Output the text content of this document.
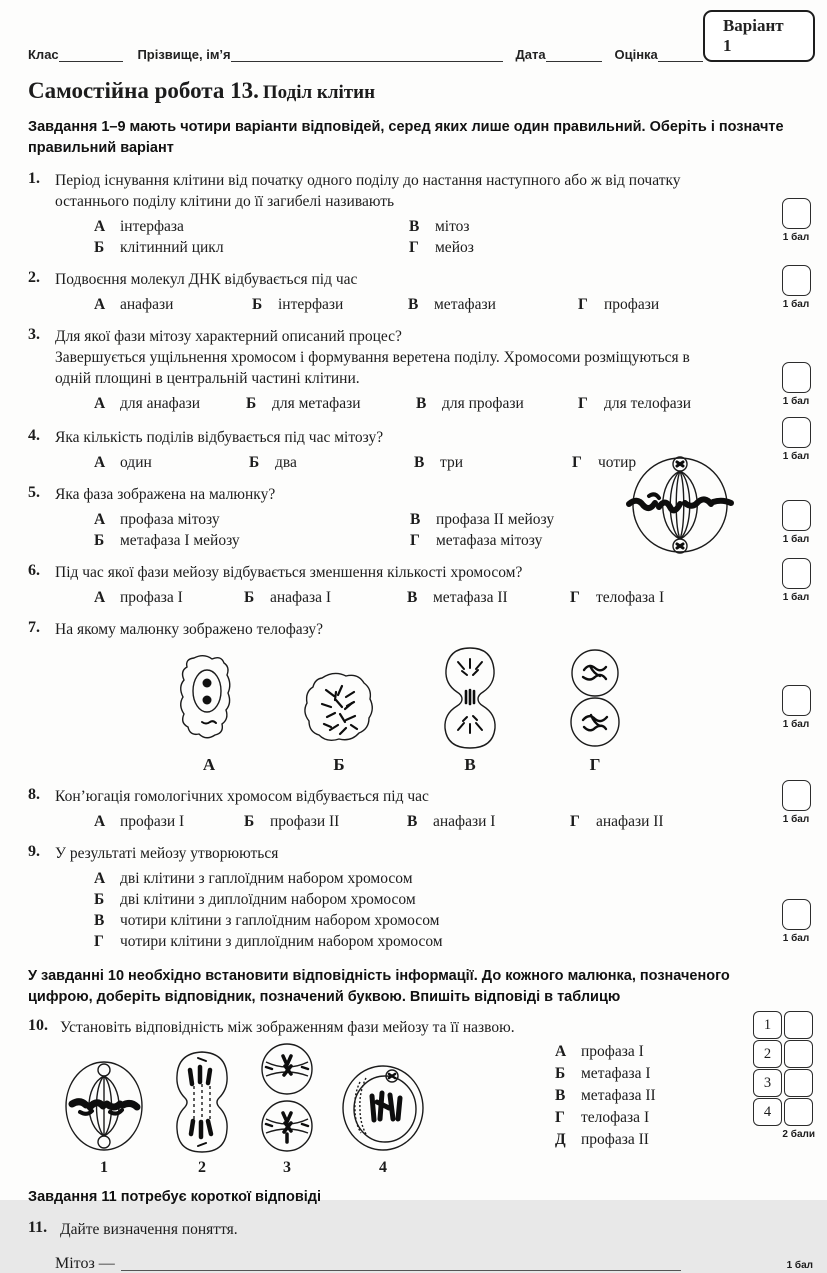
Клас	Прізвище, ім’я	Дата	Оцінка
Варіант 1
Самостійна робота 13. Поділ клітин
Завдання 1–9 мають чотири варіанти відповідей, серед яких лише один правильний. Оберіть і позначте правильний варіант
1. Період існування клітини від початку одного поділу до настання наступного або ж від початку останнього поділу клітини до її загибелі називають
А інтерфаза
Б клітинний цикл
В мітоз
Г мейоз
1 бал
2. Подвоєння молекул ДНК відбувається під час
А анафази	Б інтерфази	В метафази	Г профази	1 бал
3. Для якої фази мітозу характерний описаний процес?
Завершується ущільнення хромосом і формування веретена поділу. Хромосоми розміщуються в одній площині в центральній частині клітини.
А для анафази	Б для метафази	В для профази	Г для телофази	1 бал
4. Яка кількість поділів відбувається під час мітозу?
А один	Б два	В три	Г чотир	1 бал
5. Яка фаза зображена на малюнку?
А профаза мітозу
Б метафаза I мейозу
В профаза II мейозу
Г метафаза мітозу	1 бал
6. Під час якої фази мейозу відбувається зменшення кількості хромосом?
А профаза I	Б анафаза I	В метафаза II	Г телофаза I	1 бал
7. На якому малюнку зображено телофазу?
А	Б	В	Г
1 бал
8. Кон’югація гомологічних хромосом відбувається під час
А профази I	Б профази II	В анафази I	Г анафази II	1 бал
9. У результаті мейозу утворюються
А дві клітини з гаплоїдним набором хромосом
Б дві клітини з диплоїдним набором хромосом
В чотири клітини з гаплоїдним набором хромосом
Г чотири клітини з диплоїдним набором хромосом	1 бал
У завданні 10 необхідно встановити відповідність інформації. До кожного малюнка, позначеного цифрою, доберіть відповідник, позначений буквою. Впишіть відповіді в таблицю
10. Установіть відповідність між зображенням фази мейозу та її назвою.
1	2	3	4
А профаза I
Б метафаза I
В метафаза II
Г телофаза I
Д профаза II
1
2
3
4
2 бали
Завдання 11 потребує короткої відповіді
11. Дайте визначення поняття.
Мітоз —	1 бал
